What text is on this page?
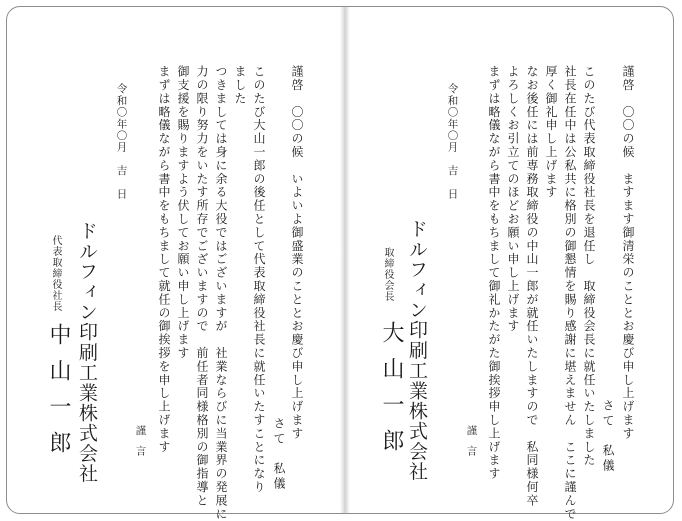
謹啓　〇〇の候　いよいよ御盛業のこととお慶び申し上げます
さて　私儀
このたび大山一郎の後任として代表取締役社長に就任いたすことになり
ました
つきましては身に余る大役ではございますが　社業ならびに当業界の発展に
力の限り努力をいたす所存でございますので　前任者同様格別の御指導と
御支援を賜りますよう伏してお願い申し上げます
まずは略儀ながら書中をもちまして就任の御挨拶を申し上げます
謹言
令和〇年〇月　吉　日
ドルフィン印刷工業株式会社
代表取締役社長
中山一郎	謹啓　〇〇の候　ますます御清栄のこととお慶び申し上げます
さて　私儀
このたび代表取締役社長を退任し　取締役会長に就任いたしました
社長在任中は公私共に格別の御懇情を賜り感謝に堪えません　ここに謹んで
厚く御礼申し上げます
なお後任には前専務取締役の中山一郎が就任いたしますので　私同様何卒
よろしくお引立てのほどお願い申し上げます
まずは略儀ながら書中をもちまして御礼かたがた御挨拶申し上げます
謹言
令和〇年〇月　吉　日
ドルフィン印刷工業株式会社
取締役会長
大山一郎
